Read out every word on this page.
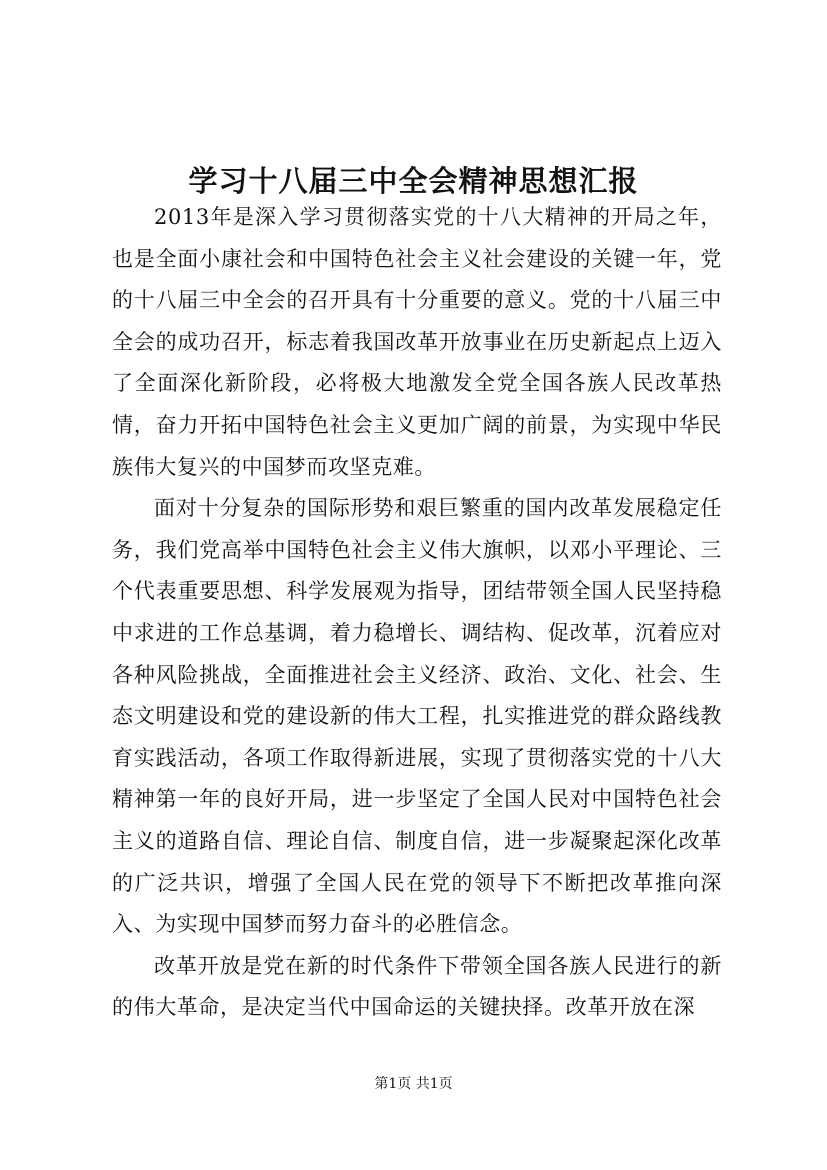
学习十八届三中全会精神思想汇报

2013年是深入学习贯彻落实党的十八大精神的开局之年，也是全面小康社会和中国特色社会主义社会建设的关键一年，党的十八届三中全会的召开具有十分重要的意义。党的十八届三中全会的成功召开，标志着我国改革开放事业在历史新起点上迈入了全面深化新阶段，必将极大地激发全党全国各族人民改革热情，奋力开拓中国特色社会主义更加广阔的前景，为实现中华民族伟大复兴的中国梦而攻坚克难。

面对十分复杂的国际形势和艰巨繁重的国内改革发展稳定任务，我们党高举中国特色社会主义伟大旗帜，以邓小平理论、三个代表重要思想、科学发展观为指导，团结带领全国人民坚持稳中求进的工作总基调，着力稳增长、调结构、促改革，沉着应对各种风险挑战，全面推进社会主义经济、政治、文化、社会、生态文明建设和党的建设新的伟大工程，扎实推进党的群众路线教育实践活动，各项工作取得新进展，实现了贯彻落实党的十八大精神第一年的良好开局，进一步坚定了全国人民对中国特色社会主义的道路自信、理论自信、制度自信，进一步凝聚起深化改革的广泛共识，增强了全国人民在党的领导下不断把改革推向深入、为实现中国梦而努力奋斗的必胜信念。

改革开放是党在新的时代条件下带领全国各族人民进行的新的伟大革命，是决定当代中国命运的关键抉择。改革开放在深

第1页 共1页
